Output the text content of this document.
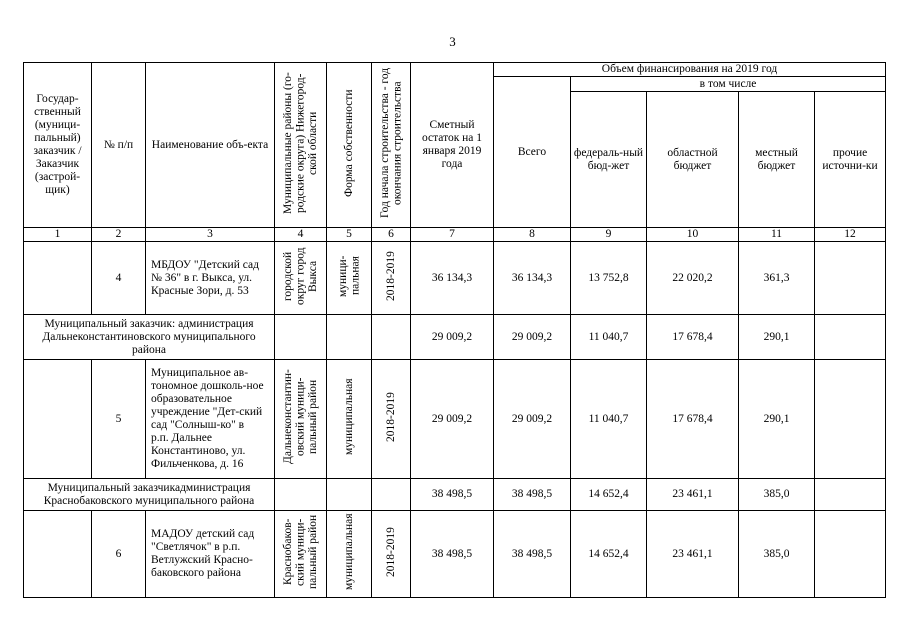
3
Государ-ственный (муници-пальный) заказчик / Заказчик (застрой-щик)	№ п/п	Наименование объ-екта	Муниципальные районы (го-родские округа) Нижегород-ской области	Форма собственности	Год начала строительства - год окончания строительства	Сметный остаток на 1 января 2019 года	Объем финансирования на 2019 год				
							Всего	в том числе			
								федераль-ный бюд-жет	областной бюджет	местный бюджет	прочие источни-ки
1	2	3	4	5	6	7	8	9	10	11	12
	4	МБДОУ "Детский сад № 36" в г. Выкса, ул. Красные Зори, д. 53	городской округ город Выкса	муници-пальная	2018-2019	36 134,3	36 134,3	13 752,8	22 020,2	361,3	
Муниципальный заказчик: администрация Дальнеконстантиновского муниципального района						29 009,2	29 009,2	11 040,7	17 678,4	290,1	
	5	Муниципальное ав-тономное дошколь-ное образовательное учреждение "Дет-ский сад "Солныш-ко" в р.п. Дальнее Константиново, ул. Фильченкова, д. 16	Дальнеконстантин-овский муници-пальный район	муниципальная	2018-2019	29 009,2	29 009,2	11 040,7	17 678,4	290,1	
Муниципальный заказчикадминистрация Краснобаковского муниципального района						38 498,5	38 498,5	14 652,4	23 461,1	385,0	
	6	МАДОУ детский сад "Светлячок" в р.п. Ветлужский Красно-баковского района	Краснобаков-ский муници-пальный район	муниципальная	2018-2019	38 498,5	38 498,5	14 652,4	23 461,1	385,0	
